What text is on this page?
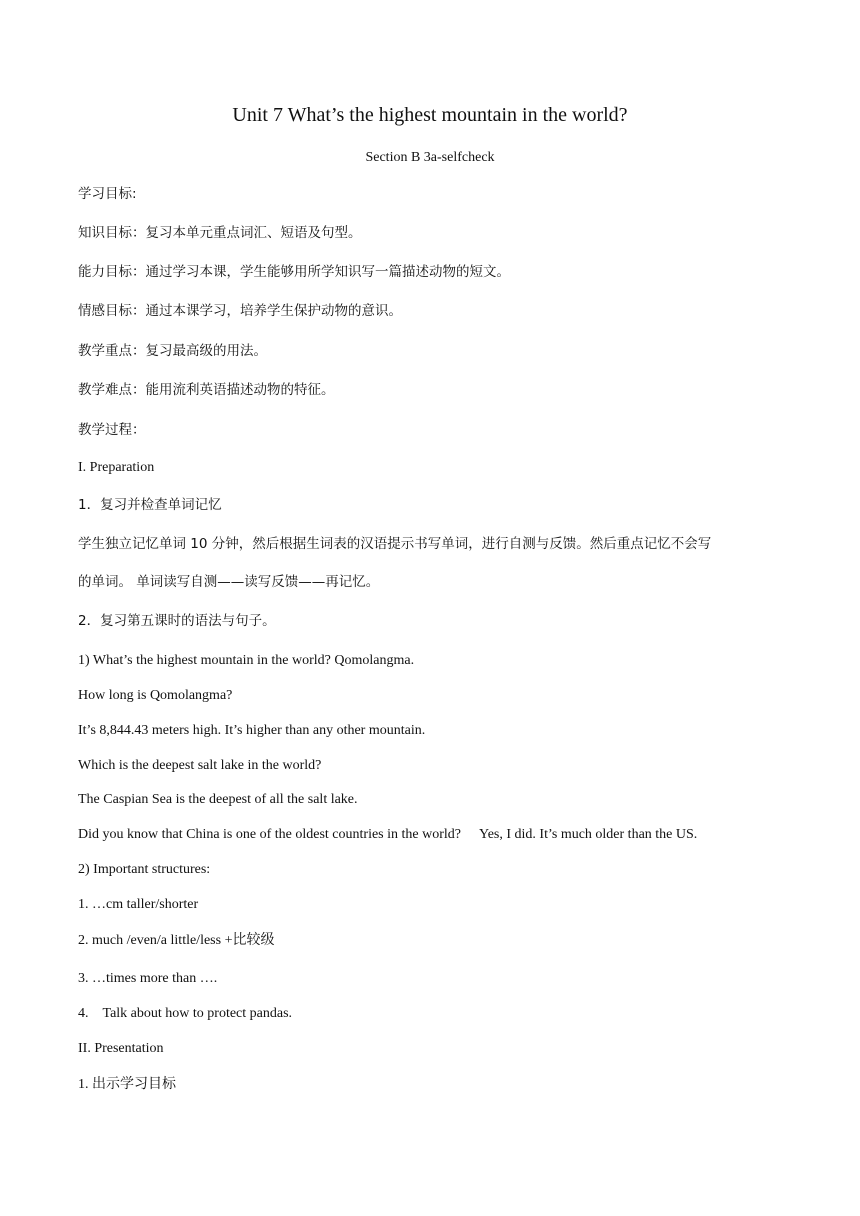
Unit 7 What’s the highest mountain in the world?
Section B 3a-selfcheck
学习目标:
知识目标：复习本单元重点词汇、短语及句型。
能力目标：通过学习本课，学生能够用所学知识写一篇描述动物的短文。
情感目标：通过本课学习，培养学生保护动物的意识。
教学重点：复习最高级的用法。
教学难点：能用流利英语描述动物的特征。
教学过程：
I. Preparation
1．复习并检查单词记忆
学生独立记忆单词 10 分钟，然后根据生词表的汉语提示书写单词，进行自测与反馈。然后重点记忆不会写
的单词。 单词读写自测——读写反馈——再记忆。
2．复习第五课时的语法与句子。
1) What’s the highest mountain in the world? Qomolangma.
How long is Qomolangma?
It’s 8,844.43 meters high. It’s higher than any other mountain.
Which is the deepest salt lake in the world?
The Caspian Sea is the deepest of all the salt lake.
Did you know that China is one of the oldest countries in the world? Yes, I did. It’s much older than the US.
2) Important structures:
1. …cm taller/shorter
2. much /even/a little/less +比较级
3. …times more than ….
4. Talk about how to protect pandas.
II. Presentation
1. 出示学习目标
